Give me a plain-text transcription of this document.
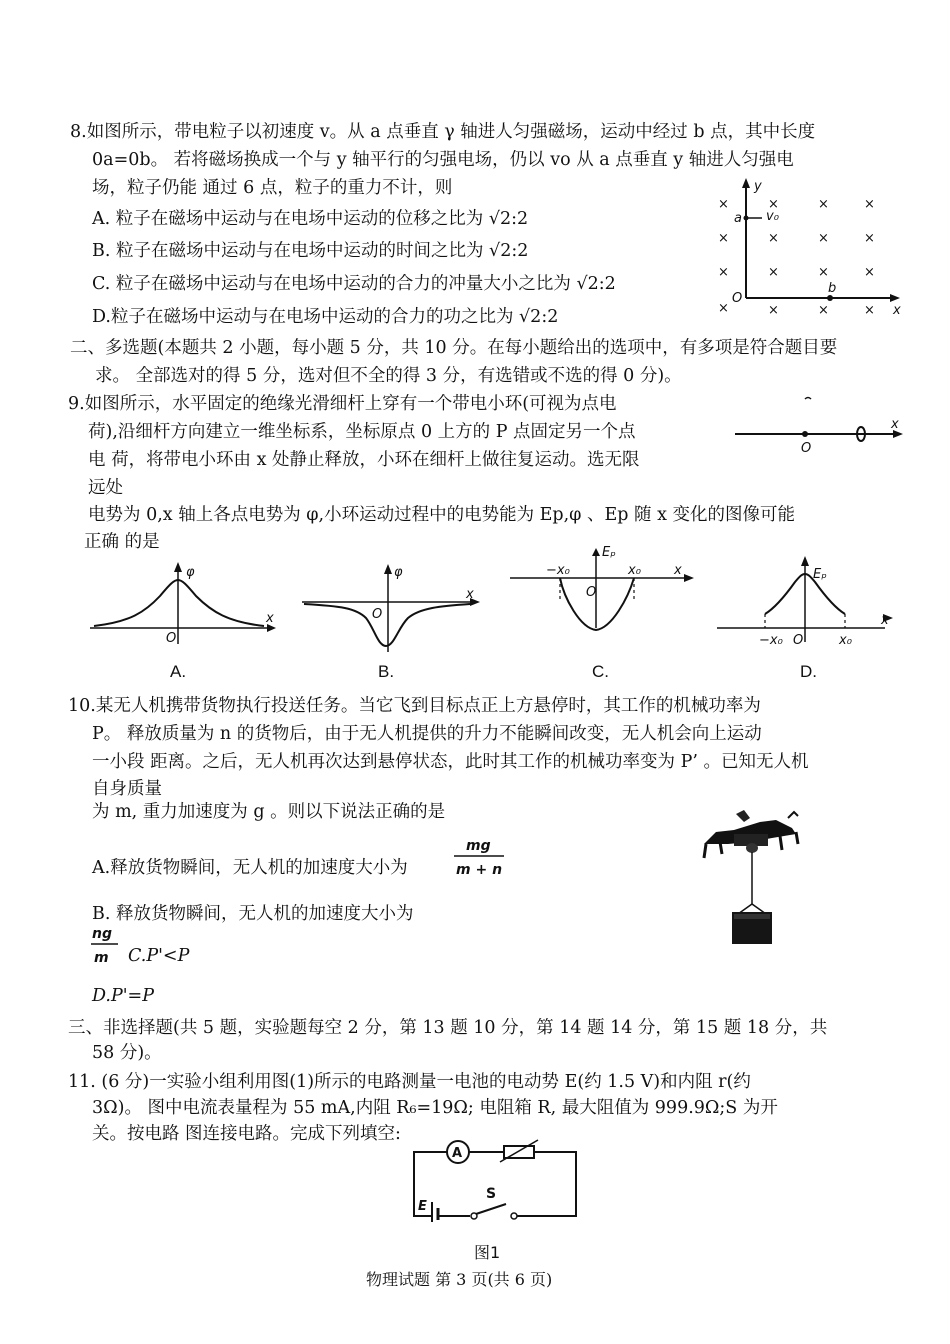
8.如图所示，带电粒子以初速度 v。从 a 点垂直 γ 轴进人匀强磁场，运动中经过 b 点，其中长度
0a=0b。 若将磁场换成一个与 y 轴平行的匀强电场，仍以 vo 从 a 点垂直 y 轴进人匀强电
场，粒子仍能 通过 6 点，粒子的重力不计，则
A. 粒子在磁场中运动与在电场中运动的位移之比为 √2:2
B. 粒子在磁场中运动与在电场中运动的时间之比为 √2:2
C. 粒子在磁场中运动与在电场中运动的合力的冲量大小之比为 √2:2
D.粒子在磁场中运动与在电场中运动的合力的功之比为 √2:2
y
x
O
a v₀
b
×
×
×
×
×
×
×
×
×
×
×
×
×
×
×
×
二、多选题(本题共 2 小题，每小题 5 分，共 10 分。在每小题给出的选项中，有多项是符合题目要
求。 全部选对的得 5 分，选对但不全的得 3 分，有选错或不选的得 0 分)。
9.如图所示，水平固定的绝缘光滑细杆上穿有一个带电小环(可视为点电
荷),沿细杆方向建立一维坐标系，坐标原点 0 上方的 P 点固定另一个点
电 荷，将带电小环由 x 处静止释放，小环在细杆上做往复运动。选无限
远处
电势为 0,x 轴上各点电势为 φ,小环运动过程中的电势能为 Ep,φ 、Ep 随 x 变化的图像可能
正确 的是
O
x
φ
O
x
A.
φ
O
x
B.
Eₚ
O
x
−x₀	x₀
C.
Eₚ
O
x
−x₀	x₀
D.
10.某无人机携带货物执行投送任务。当它飞到目标点正上方悬停时，其工作的机械功率为
P。 释放质量为 n 的货物后，由于无人机提供的升力不能瞬间改变，无人机会向上运动
一小段 距离。之后，无人机再次达到悬停状态，此时其工作的机械功率变为 P’ 。已知无人机
自身质量
为 m, 重力加速度为 g 。则以下说法正确的是
A.释放货物瞬间，无人机的加速度大小为
mg
m + n
B. 释放货物瞬间，无人机的加速度大小为
ng
m C.P'<P
D.P'=P
三、非选择题(共 5 题，实验题每空 2 分，第 13 题 10 分，第 14 题 14 分，第 15 题 18 分，共
58 分)。
11. (6 分)一实验小组利用图(1)所示的电路测量一电池的电动势 E(约 1.5 V)和内阻 r(约
3Ω)。 图中电流表量程为 55 mA,内阻 R₆=19Ω; 电阻箱 R, 最大阻值为 999.9Ω;S 为开
关。按电路 图连接电路。完成下列填空:
A
E
S
图1
物理试题 第 3 页(共 6 页)
